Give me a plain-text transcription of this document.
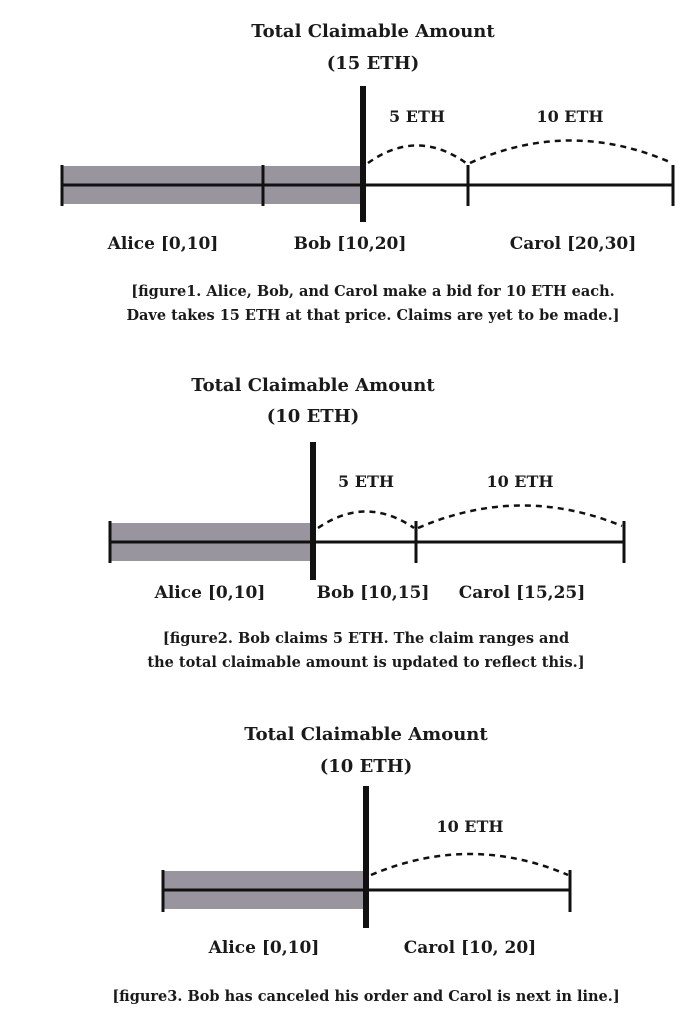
Total Claimable Amount
(15 ETH)
5 ETH	10 ETH
Alice [0,10]	Bob [10,20]	Carol [20,30]
[figure1. Alice, Bob, and Carol make a bid for 10 ETH each.
Dave takes 15 ETH at that price. Claims are yet to be made.]
Total Claimable Amount
(10 ETH)
5 ETH	10 ETH
Alice [0,10]	Bob [10,15] Carol [15,25]
[figure2. Bob claims 5 ETH. The claim ranges and
the total claimable amount is updated to reflect this.]
Total Claimable Amount
(10 ETH)
10 ETH
Alice [0,10]	Carol [10, 20]
[figure3. Bob has canceled his order and Carol is next in line.]
